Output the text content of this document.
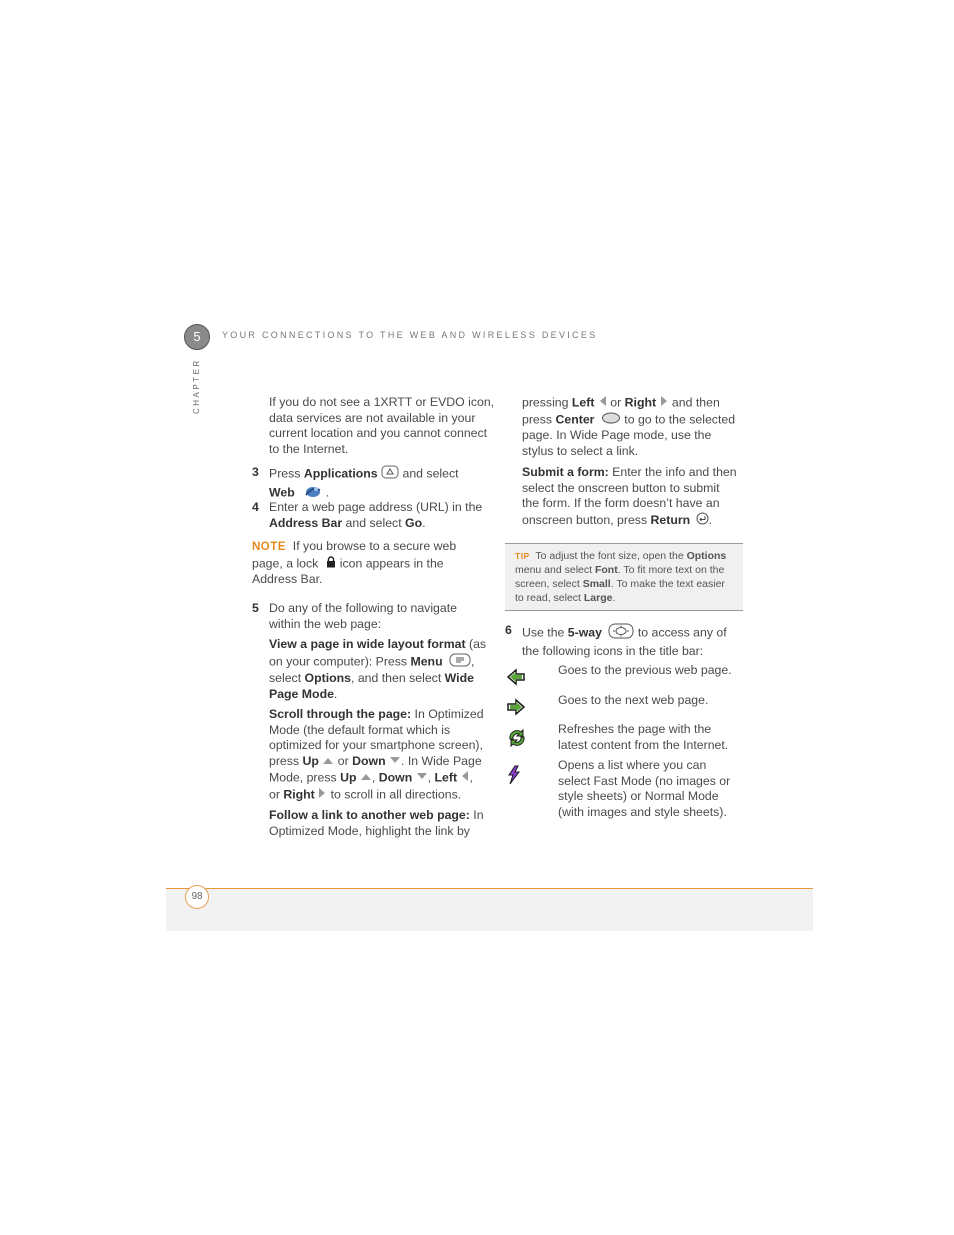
5	YOUR CONNECTIONS TO THE WEB AND WIRELESS DEVICES
CHAPTER	If you do not see a 1XRTT or EVDO icon,
data services are not available in your
current location and you cannot connect
to the Internet.
3 Press Applications  and select
Web	.
4 Enter a web page address (URL) in the
Address Bar and select Go.
NOTE If you browse to a secure web
page, a lock icon appears in the
Address Bar.
5 Do any of the following to navigate
within the web page:
View a page in wide layout format (as
on your computer): Press Menu ,
select Options, and then select Wide
Page Mode.
Scroll through the page: In Optimized
Mode (the default format which is
optimized for your smartphone screen),
press Up  or Down . In Wide Page
Mode, press Up , Down , Left ,
or Right  to scroll in all directions.
Follow a link to another web page: In
Optimized Mode, highlight the link by
pressing Left  or Right  and then
press Center  to go to the selected
page. In Wide Page mode, use the
stylus to select a link.
Submit a form: Enter the info and then
select the onscreen button to submit
the form. If the form doesn’t have an
onscreen button, press Return .
TIP To adjust the font size, open the Options
menu and select Font. To fit more text on the
screen, select Small. To make the text easier
to read, select Large.
6 Use the 5-way	to access any of
the following icons in the title bar:
Goes to the previous web page.
Goes to the next web page.
Refreshes the page with the
latest content from the Internet.
Opens a list where you can
select Fast Mode (no images or
style sheets) or Normal Mode
(with images and style sheets).
98
